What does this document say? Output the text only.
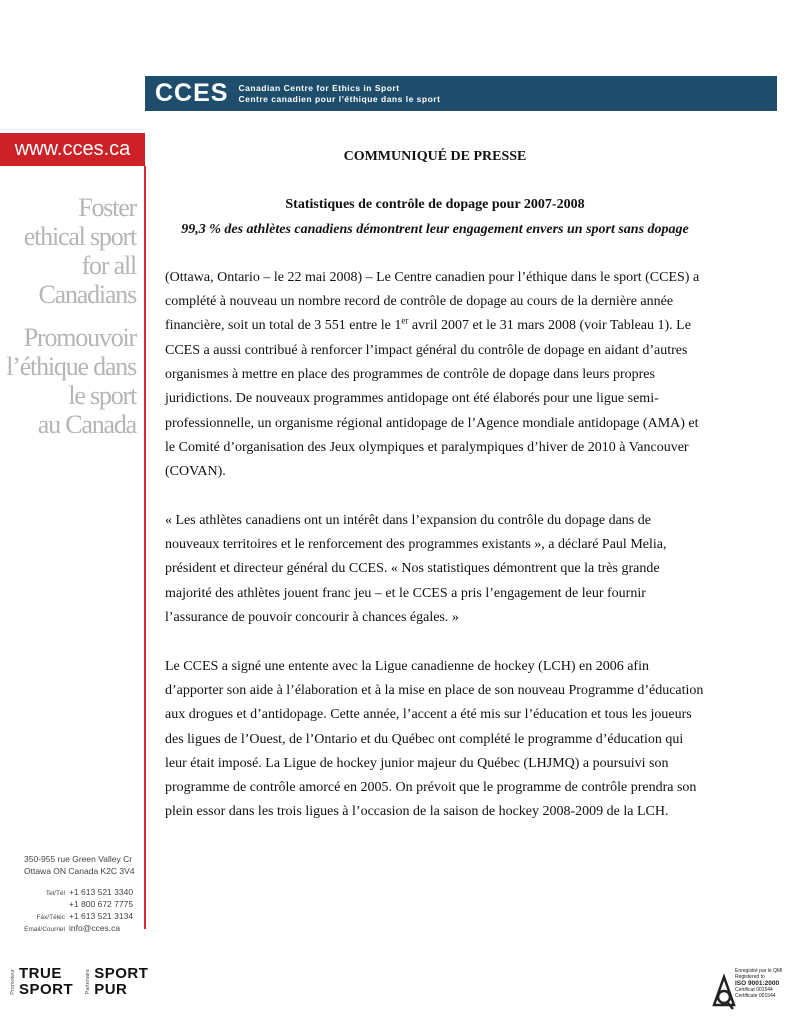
CCES Canadian Centre for Ethics in Sport
Centre canadien pour l’éthique dans le sport
www.cces.ca
Foster
ethical sport
for all
Canadians
Promouvoir
l’éthique dans
le sport
au Canada

COMMUNIQUÉ DE PRESSE

Statistiques de contrôle de dopage pour 2007-2008

99,3 % des athlètes canadiens démontrent leur engagement envers un sport sans dopage

(Ottawa, Ontario – le 22 mai 2008) – Le Centre canadien pour l’éthique dans le sport (CCES) a complété à nouveau un nombre record de contrôle de dopage au cours de la dernière année financière, soit un total de 3 551 entre le 1er avril 2007 et le 31 mars 2008 (voir Tableau 1). Le CCES a aussi contribué à renforcer l’impact général du contrôle de dopage en aidant d’autres organismes à mettre en place des programmes de contrôle de dopage dans leurs propres juridictions. De nouveaux programmes antidopage ont été élaborés pour une ligue semi-professionnelle, un organisme régional antidopage de l’Agence mondiale antidopage (AMA) et le Comité d’organisation des Jeux olympiques et paralympiques d’hiver de 2010 à Vancouver (COVAN).

« Les athlètes canadiens ont un intérêt dans l’expansion du contrôle du dopage dans de nouveaux territoires et le renforcement des programmes existants », a déclaré Paul Melia, président et directeur général du CCES. « Nos statistiques démontrent que la très grande majorité des athlètes jouent franc jeu – et le CCES a pris l’engagement de leur fournir l’assurance de pouvoir concourir à chances égales. »

Le CCES a signé une entente avec la Ligue canadienne de hockey (LCH) en 2006 afin d’apporter son aide à l’élaboration et à la mise en place de son nouveau Programme d’éducation aux drogues et d’antidopage. Cette année, l’accent a été mis sur l’éducation et tous les joueurs des ligues de l’Ouest, de l’Ontario et du Québec ont complété le programme d’éducation qui leur était imposé. La Ligue de hockey junior majeur du Québec (LHJMQ) a poursuivi son programme de contrôle amorcé en 2005. On prévoit que le programme de contrôle prendra son plein essor dans les trois ligues à l’occasion de la saison de hockey 2008-2009 de la LCH.

350-955 rue Green Valley Cr
Ottawa ON Canada K2C 3V4
Tel/Tél +1 613 521 3340
+1 800 672 7775
Fax/Téléc +1 613 521 3134
Email/Courriel info@cces.ca
Promoteur TRUE
SPORT Partenaire SPORT
PUR
Enregistré par le QMI
Registered to
ISO 9001:2000
Certificat 001544
Certificate 001544
